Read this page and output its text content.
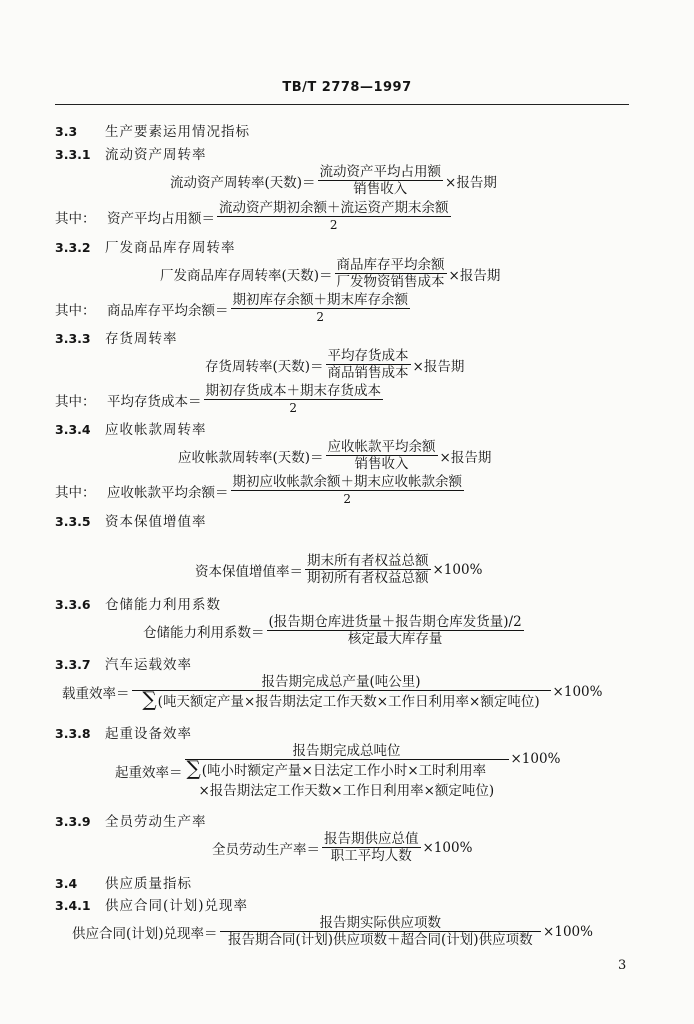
TB/T 2778—1997
3.3 生产要素运用情况指标
3.3.1 流动资产周转率
流动资产周转率(天数)＝ $\frac{\text{流动资产平均占用额}}{\text{销售收入}}$ ×报告期
其中： 资产平均占用额＝ $\frac{\text{流动资产期初余额＋流运资产期末余额}}{2}$
3.3.2 厂发商品库存周转率
厂发商品库存周转率(天数)＝ $\frac{\text{商品库存平均余额}}{\text{厂发物资销售成本}}$ ×报告期
其中： 商品库存平均余额＝ $\frac{\text{期初库存余额＋期末库存余额}}{2}$
3.3.3 存货周转率
存货周转率(天数)＝ $\frac{\text{平均存货成本}}{\text{商品销售成本}}$ ×报告期
其中： 平均存货成本＝ $\frac{\text{期初存货成本＋期末存货成本}}{2}$
3.3.4 应收帐款周转率
应收帐款周转率(天数)＝ $\frac{\text{应收帐款平均余额}}{\text{销售收入}}$ ×报告期
其中： 应收帐款平均余额＝ $\frac{\text{期初应收帐款余额＋期末应收帐款余额}}{2}$
3.3.5 资本保值增值率
资本保值增值率＝ $\frac{\text{期末所有者权益总额}}{\text{期初所有者权益总额}} \times 100\%$
3.3.6 仓储能力利用系数
仓储能力利用系数＝ $\frac{\text{(报告期仓库进货量＋报告期仓库发货量)/2}}{\text{核定最大库存量}}$
3.3.7 汽车运载效率
载重效率＝ $\frac{\text{报告期完成总产量(吨公里)}}{\text{∑(吨天额定产量×报告期法定工作天数×工作日利用率×额定吨位)}} \times 100\%$
3.3.8 起重设备效率
起重效率＝
报告期完成总吨位
∑(吨小时额定产量×日法定工作小时×工时利用率
×报告期法定工作天数×工作日利用率×额定吨位)
×100%
3.3.9 全员劳动生产率
全员劳动生产率＝ $\frac{\text{报告期供应总值}}{\text{职工平均人数}} \times 100\%$
3.4 供应质量指标
3.4.1 供应合同(计划)兑现率
供应合同(计划)兑现率＝ $\frac{\text{报告期实际供应项数}}{\text{报告期合同(计划)供应项数＋超合同(计划)供应项数}} \times 100\%$
3
